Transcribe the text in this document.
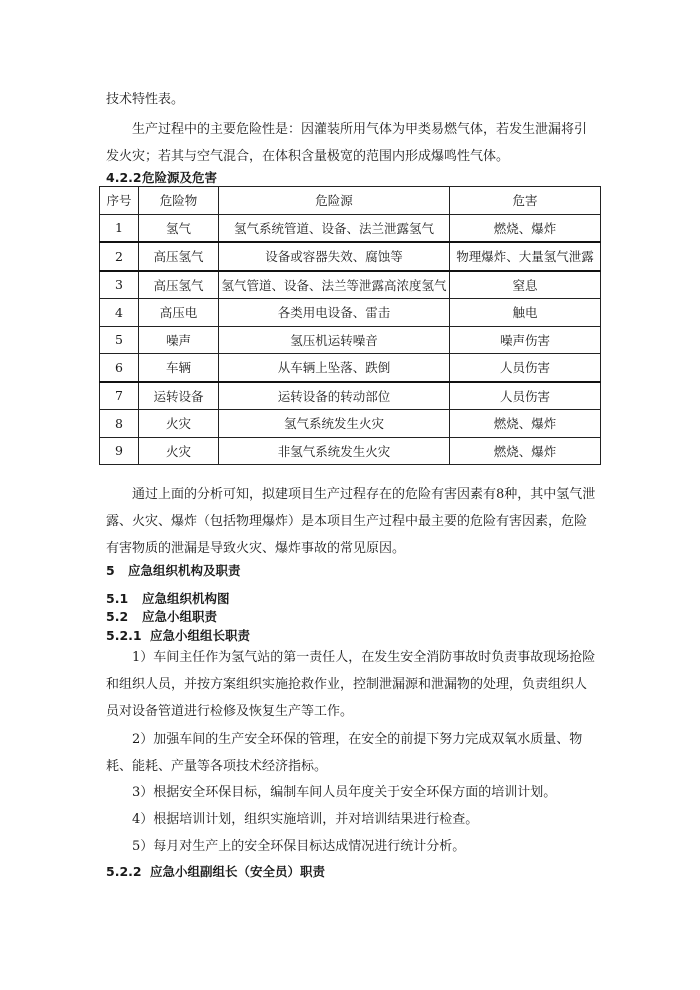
技术特性表。

生产过程中的主要危险性是：因灌装所用气体为甲类易燃气体，若发生泄漏将引发火灾；若其与空气混合，在体积含量极宽的范围内形成爆鸣性气体。

4.2.2危险源及危害
序号	危险物	危险源	危害
1	氢气	氢气系统管道、设备、法兰泄露氢气	燃烧、爆炸
2	高压氢气	设备或容器失效、腐蚀等	物理爆炸、大量氢气泄露
3	高压氢气	氢气管道、设备、法兰等泄露高浓度氢气	窒息
4	高压电	各类用电设备、雷击	触电
5	噪声	氢压机运转噪音	噪声伤害
6	车辆	从车辆上坠落、跌倒	人员伤害
7	运转设备	运转设备的转动部位	人员伤害
8	火灾	氢气系统发生火灾	燃烧、爆炸
9	火灾	非氢气系统发生火灾	燃烧、爆炸

通过上面的分析可知，拟建项目生产过程存在的危险有害因素有8种，其中氢气泄露、火灾、爆炸（包括物理爆炸）是本项目生产过程中最主要的危险有害因素，危险有害物质的泄漏是导致火灾、爆炸事故的常见原因。

5 应急组织机构及职责
5.1 应急组织机构图
5.2 应急小组职责
5.2.1 应急小组组长职责

1）车间主任作为氢气站的第一责任人，在发生安全消防事故时负责事故现场抢险和组织人员，并按方案组织实施抢救作业，控制泄漏源和泄漏物的处理，负责组织人员对设备管道进行检修及恢复生产等工作。

2）加强车间的生产安全环保的管理，在安全的前提下努力完成双氧水质量、物耗、能耗、产量等各项技术经济指标。

3）根据安全环保目标，编制车间人员年度关于安全环保方面的培训计划。

4）根据培训计划，组织实施培训，并对培训结果进行检查。

5）每月对生产上的安全环保目标达成情况进行统计分析。

5.2.2 应急小组副组长（安全员）职责
